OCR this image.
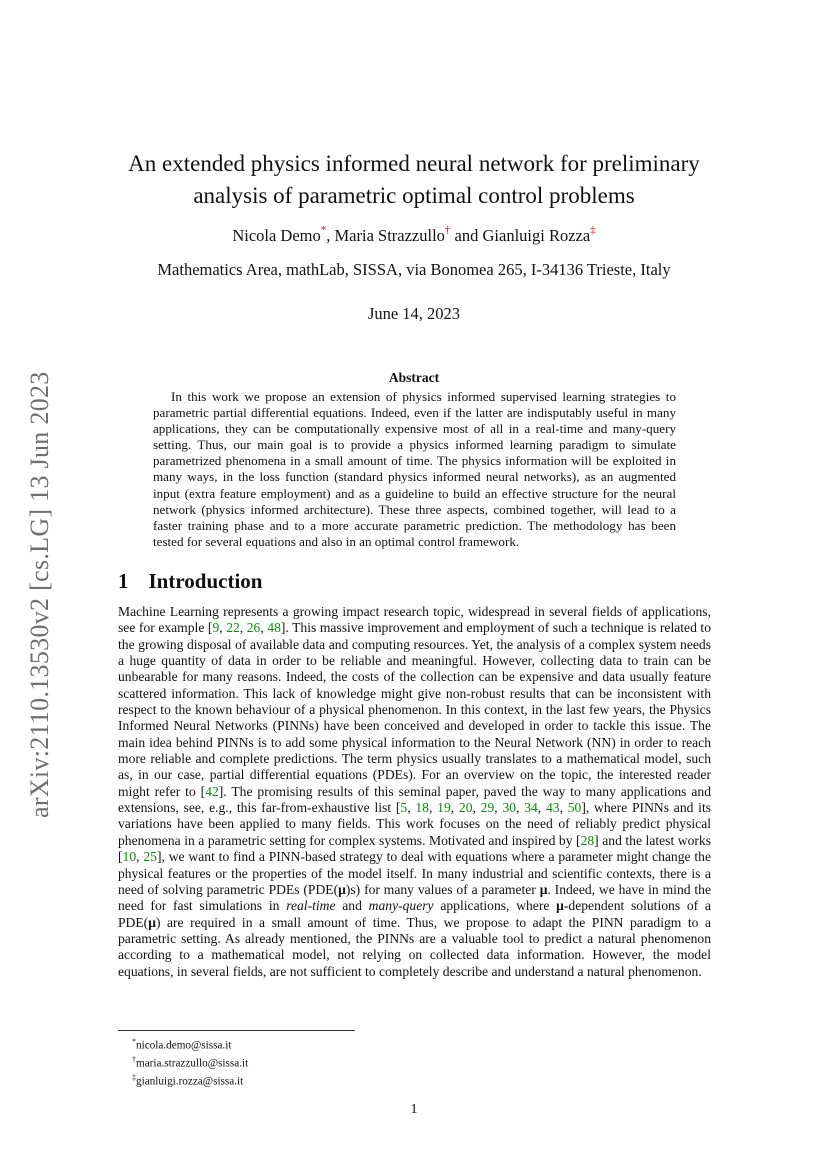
arXiv:2110.13530v2 [cs.LG] 13 Jun 2023
An extended physics informed neural network for preliminary
analysis of parametric optimal control problems
Nicola Demo*, Maria Strazzullo† and Gianluigi Rozza‡
Mathematics Area, mathLab, SISSA, via Bonomea 265, I-34136 Trieste, Italy
June 14, 2023
Abstract
In this work we propose an extension of physics informed supervised learning strategies to parametric partial differential equations. Indeed, even if the latter are indisputably useful in many applications, they can be computationally expensive most of all in a real-time and many-query setting. Thus, our main goal is to provide a physics informed learning paradigm to simulate parametrized phenomena in a small amount of time. The physics information will be exploited in many ways, in the loss function (standard physics informed neural networks), as an augmented input (extra feature employment) and as a guideline to build an effective structure for the neural network (physics informed architecture). These three aspects, combined together, will lead to a faster training phase and to a more accurate parametric prediction. The methodology has been tested for several equations and also in an optimal control framework.
1 Introduction
Machine Learning represents a growing impact research topic, widespread in several fields of applications, see for example [9, 22, 26, 48]. This massive improvement and employment of such a technique is related to the growing disposal of available data and computing resources. Yet, the analysis of a complex system needs a huge quantity of data in order to be reliable and meaningful. However, collecting data to train can be unbearable for many reasons. Indeed, the costs of the collection can be expensive and data usually feature scattered information. This lack of knowledge might give non-robust results that can be inconsistent with respect to the known behaviour of a physical phenomenon. In this context, in the last few years, the Physics Informed Neural Networks (PINNs) have been conceived and developed in order to tackle this issue. The main idea behind PINNs is to add some physical information to the Neural Network (NN) in order to reach more reliable and complete predictions. The term physics usually translates to a mathematical model, such as, in our case, partial differential equations (PDEs). For an overview on the topic, the interested reader might refer to [42]. The promising results of this seminal paper, paved the way to many applications and extensions, see, e.g., this far-from-exhaustive list [5, 18, 19, 20, 29, 30, 34, 43, 50], where PINNs and its variations have been applied to many fields. This work focuses on the need of reliably predict physical phenomena in a parametric setting for complex systems. Motivated and inspired by [28] and the latest works [10, 25], we want to find a PINN-based strategy to deal with equations where a parameter might change the physical features or the properties of the model itself. In many industrial and scientific contexts, there is a need of solving parametric PDEs (PDE(μ)s) for many values of a parameter μ. Indeed, we have in mind the need for fast simulations in real-time and many-query applications, where μ-dependent solutions of a PDE(μ) are required in a small amount of time. Thus, we propose to adapt the PINN paradigm to a parametric setting. As already mentioned, the PINNs are a valuable tool to predict a natural phenomenon according to a mathematical model, not relying on collected data information. However, the model equations, in several fields, are not sufficient to completely describe and understand a natural phenomenon.
*nicola.demo@sissa.it
†maria.strazzullo@sissa.it
‡gianluigi.rozza@sissa.it
1
